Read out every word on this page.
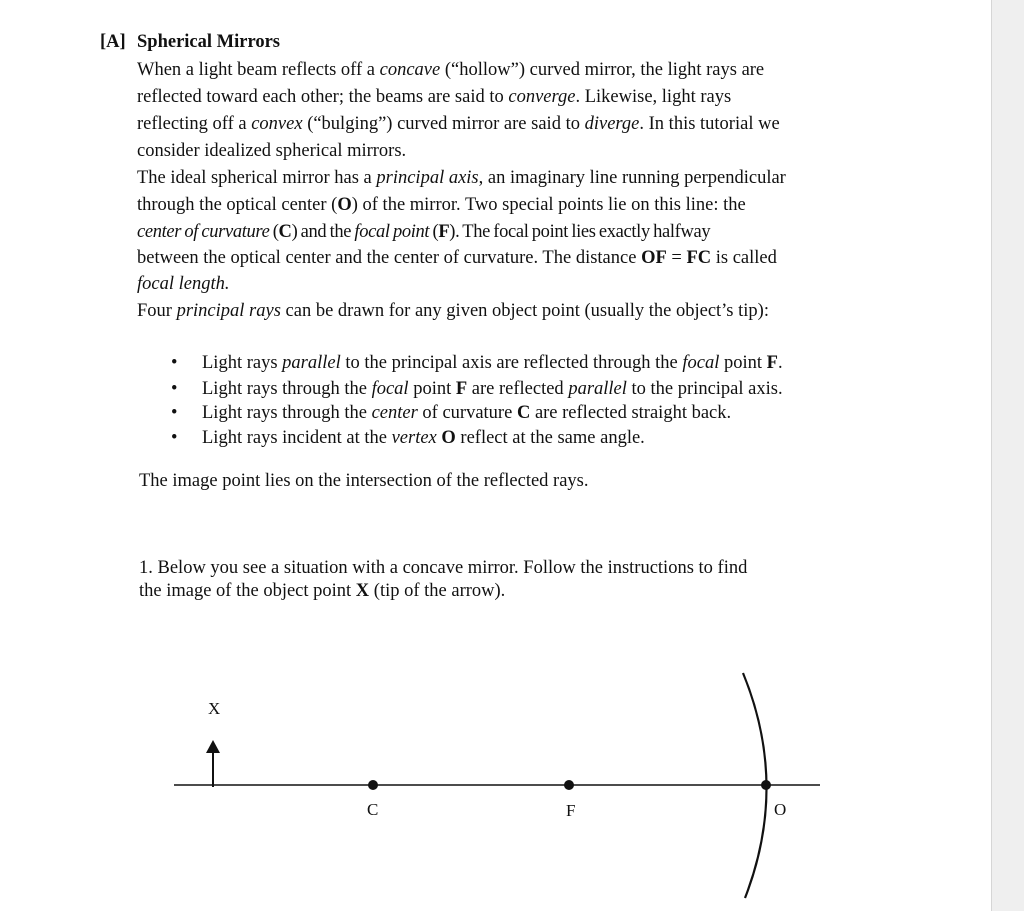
[A] Spherical Mirrors
When a light beam reflects off a concave (“hollow”) curved mirror, the light rays are
reflected toward each other; the beams are said to converge. Likewise, light rays
reflecting off a convex (“bulging”) curved mirror are said to diverge. In this tutorial we
consider idealized spherical mirrors.
The ideal spherical mirror has a principal axis, an imaginary line running perpendicular
through the optical center (O) of the mirror. Two special points lie on this line: the
center of curvature (C) and the focal point (F). The focal point lies exactly halfway
between the optical center and the center of curvature. The distance OF = FC is called
focal length.
Four principal rays can be drawn for any given object point (usually the object’s tip):
• Light rays parallel to the principal axis are reflected through the focal point F.
• Light rays through the focal point F are reflected parallel to the principal axis.
• Light rays through the center of curvature C are reflected straight back.
• Light rays incident at the vertex O reflect at the same angle.
The image point lies on the intersection of the reflected rays.
1. Below you see a situation with a concave mirror. Follow the instructions to find
the image of the object point X (tip of the arrow).
X
C	F	O
